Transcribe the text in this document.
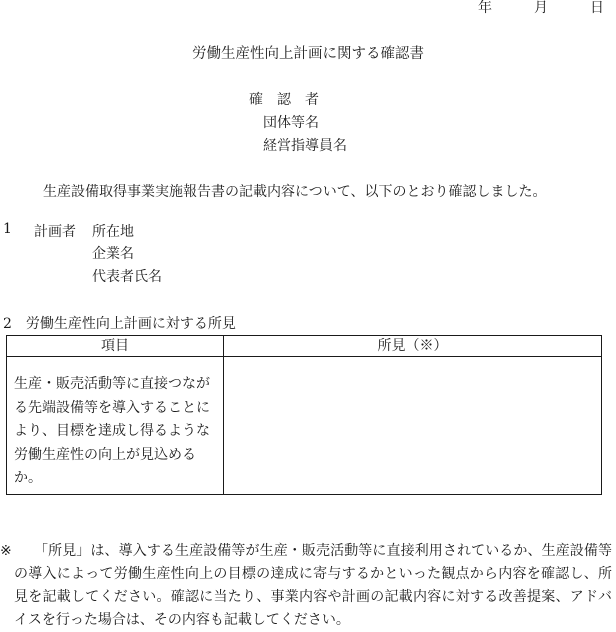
年	月	日
労働生産性向上計画に関する確認書
確　認　者
団体等名
経営指導員名
生産設備取得事業実施報告書の記載内容について、以下のとおり確認しました。
1 計画者 所在地
企業名
代表者氏名
2 労働生産性向上計画に対する所見
項目	所見（※）
生産・販売活動等に直接つながる先端設備等を導入することにより、目標を達成し得るような労働生産性の向上が見込めるか。	
※	「所見」は、導入する生産設備等が生産・販売活動等に直接利用されているか、生産設備等の導入によって労働生産性向上の目標の達成に寄与するかといった観点から内容を確認し、所見を記載してください。確認に当たり、事業内容や計画の記載内容に対する改善提案、アドバイスを行った場合は、その内容も記載してください。
